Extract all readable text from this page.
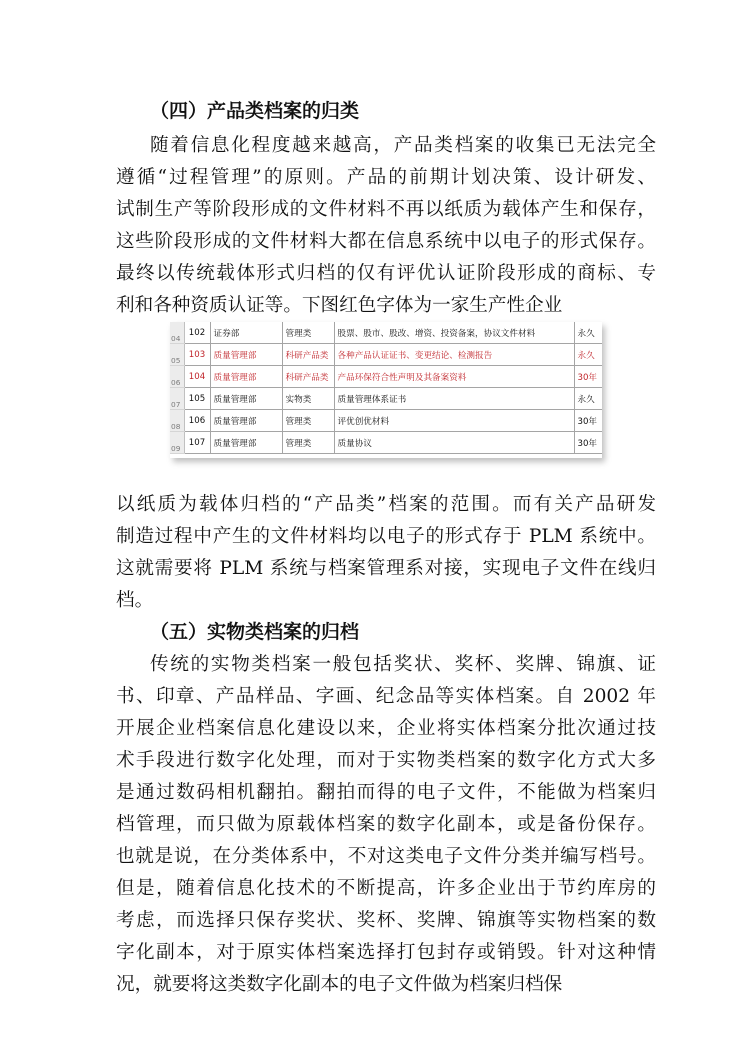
（四）产品类档案的归类

随着信息化程度越来越高，产品类档案的收集已无法完全

遵循“过程管理”的原则。产品的前期计划决策、设计研发、

试制生产等阶段形成的文件材料不再以纸质为载体产生和保存，

这些阶段形成的文件材料大都在信息系统中以电子的形式保存。

最终以传统载体形式归档的仅有评优认证阶段形成的商标、专

利和各种资质认证等。下图红色字体为一家生产性企业

04	102	证券部	管理类	股票、股市、股改、增资、投资备案，协议文件材料	永久
05	103	质量管理部	科研产品类	各种产品认证证书、变更结论、检测报告	永久
06	104	质量管理部	科研产品类	产品环保符合性声明及其备案资料	30年
07	105	质量管理部	实物类	质量管理体系证书	永久
08	106	质量管理部	管理类	评优创优材料	30年
09	107	质量管理部	管理类	质量协议	30年

以纸质为载体归档的“产品类”档案的范围。而有关产品研发

制造过程中产生的文件材料均以电子的形式存于 PLM 系统中。

这就需要将 PLM 系统与档案管理系对接，实现电子文件在线归

档。

（五）实物类档案的归档

传统的实物类档案一般包括奖状、奖杯、奖牌、锦旗、证

书、印章、产品样品、字画、纪念品等实体档案。自 2002 年

开展企业档案信息化建设以来，企业将实体档案分批次通过技

术手段进行数字化处理，而对于实物类档案的数字化方式大多

是通过数码相机翻拍。翻拍而得的电子文件，不能做为档案归

档管理，而只做为原载体档案的数字化副本，或是备份保存。

也就是说，在分类体系中，不对这类电子文件分类并编写档号。

但是，随着信息化技术的不断提高，许多企业出于节约库房的

考虑，而选择只保存奖状、奖杯、奖牌、锦旗等实物档案的数

字化副本，对于原实体档案选择打包封存或销毁。针对这种情

况，就要将这类数字化副本的电子文件做为档案归档保
